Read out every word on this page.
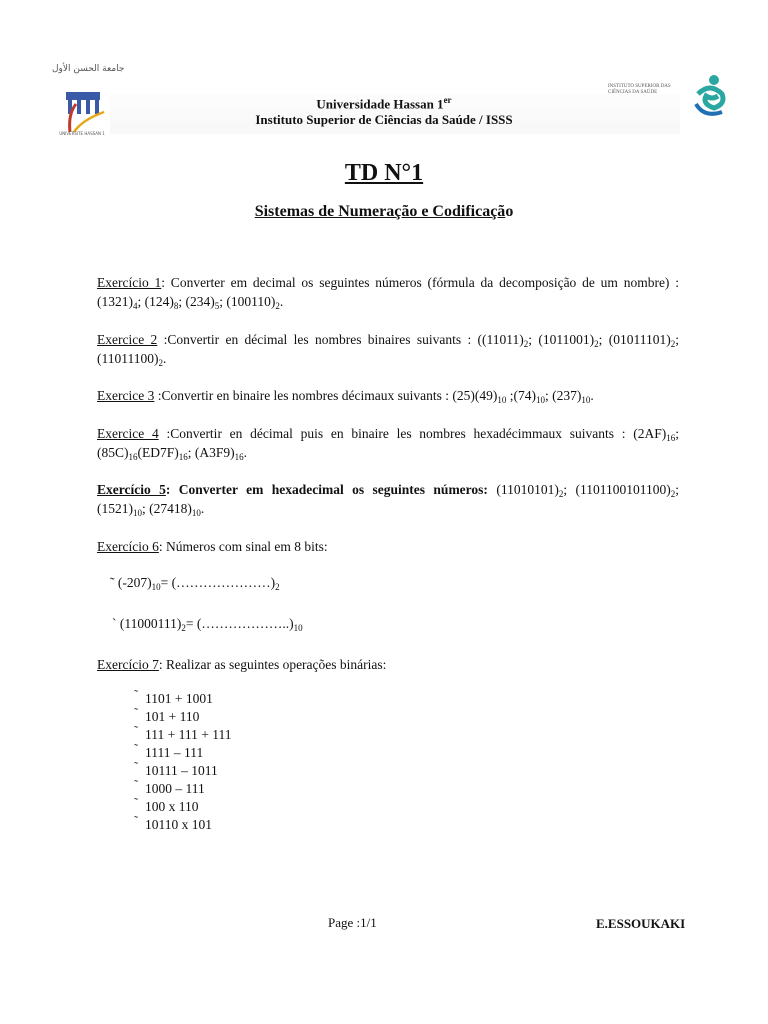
جامعة الحسن الأول
UNIVERSITE HASSAN 1
Universidade Hassan 1er
Instituto Superior de Ciências da Saúde / ISSS
INSTITUTO SUPERIOR DAS CIÊNCIAS DA SAÚDE
TD N°1
Sistemas de Numeração e Codificação
Exercício 1: Converter em decimal os seguintes números (fórmula da decomposição de um nombre) : $(1321)_4$; $(124)_8$; $(234)_5$; $(100110)_2$.
Exercice 2 :Convertir en décimal les nombres binaires suivants : ($(11011)_2$; $(1011001)_2$; $(01011101)_2$; $(11011100)_2$.
Exercice 3 :Convertir en binaire les nombres décimaux suivants : $(25)(49)_{10}$ $;(74)_{10}$; $(237)_{10}$.
Exercice 4 :Convertir en décimal puis en binaire les nombres hexadécimmaux suivants : $(2AF)_{16}$; $(85C)_{16}(ED7F)_{16}$; $(A3F9)_{16}$.
Exercício 5: Converter em hexadecimal os seguintes números: $(11010101)_2$; $(1101100101100)_2$; $(1521)_{10}$; $(27418)_{10}$.
Exercício 6: Números com sinal em 8 bits:
˜ $(-207)_{10}=$ $(\dots\dots\dots\dots\dots\dots\dots)_2$
` $(11000111)_2=$ $(\dots\dots\dots\dots\dots\dots..)_{10}$
Exercício 7: Realizar as seguintes operações binárias:
˜ 1101 + 1001
˜ 101 + 110
˜ 111 + 111 + 111
˜ 1111 – 111
˜ 10111 – 1011
˜ 1000 – 111
˜ 100 x 110
˜ 10110 x 101
Page :1/1	E.ESSOUKAKI
